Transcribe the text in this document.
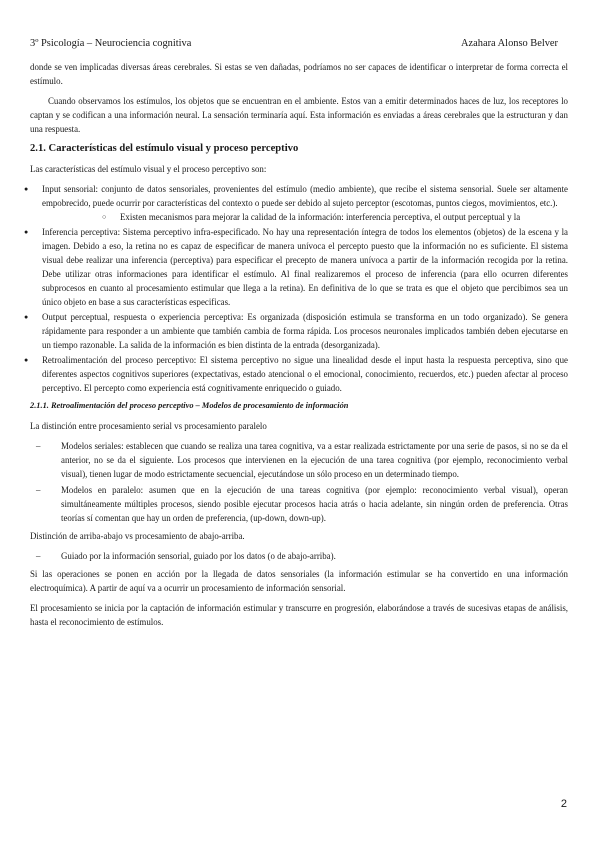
3º Psicología – Neurociencia cognitiva	Azahara Alonso Belver

donde se ven implicadas diversas áreas cerebrales. Si estas se ven dañadas, podríamos no ser capaces de identificar o interpretar de forma correcta el estímulo.

Cuando observamos los estímulos, los objetos que se encuentran en el ambiente. Estos van a emitir determinados haces de luz, los receptores lo captan y se codifican a una información neural. La sensación terminaría aquí. Esta información es enviadas a áreas cerebrales que la estructuran y dan una respuesta.

2.1. Características del estímulo visual y proceso perceptivo

Las características del estímulo visual y el proceso perceptivo son:

● Input sensorial: conjunto de datos sensoriales, provenientes del estímulo (medio ambiente), que recibe el sistema sensorial. Suele ser altamente empobrecido, puede ocurrir por características del contexto o puede ser debido al sujeto perceptor (escotomas, puntos ciegos, movimientos, etc.).
○ Existen mecanismos para mejorar la calidad de la información: interferencia perceptiva, el output perceptual y la
● Inferencia perceptiva: Sistema perceptivo infra-especificado. No hay una representación íntegra de todos los elementos (objetos) de la escena y la imagen. Debido a eso, la retina no es capaz de especificar de manera unívoca el percepto puesto que la información no es suficiente. El sistema visual debe realizar una inferencia (perceptiva) para especificar el precepto de manera unívoca a partir de la información recogida por la retina. Debe utilizar otras informaciones para identificar el estímulo. Al final realizaremos el proceso de inferencia (para ello ocurren diferentes subprocesos en cuanto al procesamiento estimular que llega a la retina). En definitiva de lo que se trata es que el objeto que percibimos sea un único objeto en base a sus características especificas.
● Output perceptual, respuesta o experiencia perceptiva: Es organizada (disposición estimula se transforma en un todo organizado). Se genera rápidamente para responder a un ambiente que también cambia de forma rápida. Los procesos neuronales implicados también deben ejecutarse en un tiempo razonable. La salida de la información es bien distinta de la entrada (desorganizada).
● Retroalimentación del proceso perceptivo: El sistema perceptivo no sigue una linealidad desde el input hasta la respuesta perceptiva, sino que diferentes aspectos cognitivos superiores (expectativas, estado atencional o el emocional, conocimiento, recuerdos, etc.) pueden afectar al proceso perceptivo. El percepto como experiencia está cognitivamente enriquecido o guiado.
2.1.1. Retroalimentación del proceso perceptivo – Modelos de procesamiento de información

La distinción entre procesamiento serial vs procesamiento paralelo

– Modelos seriales: establecen que cuando se realiza una tarea cognitiva, va a estar realizada estrictamente por una serie de pasos, si no se da el anterior, no se da el siguiente. Los procesos que intervienen en la ejecución de una tarea cognitiva (por ejemplo, reconocimiento verbal visual), tienen lugar de modo estrictamente secuencial, ejecutándose un sólo proceso en un determinado tiempo.
– Modelos en paralelo: asumen que en la ejecución de una tareas cognitiva (por ejemplo: reconocimiento verbal visual), operan simultáneamente múltiples procesos, siendo posible ejecutar procesos hacia atrás o hacia adelante, sin ningún orden de preferencia. Otras teorías sí comentan que hay un orden de preferencia, (up-down, down-up).

Distinción de arriba-abajo vs procesamiento de abajo-arriba.

– Guiado por la información sensorial, guiado por los datos (o de abajo-arriba).

Si las operaciones se ponen en acción por la llegada de datos sensoriales (la información estimular se ha convertido en una información electroquímica). A partir de aquí va a ocurrir un procesamiento de información sensorial.

El procesamiento se inicia por la captación de información estimular y transcurre en progresión, elaborándose a través de sucesivas etapas de análisis, hasta el reconocimiento de estímulos.

2
